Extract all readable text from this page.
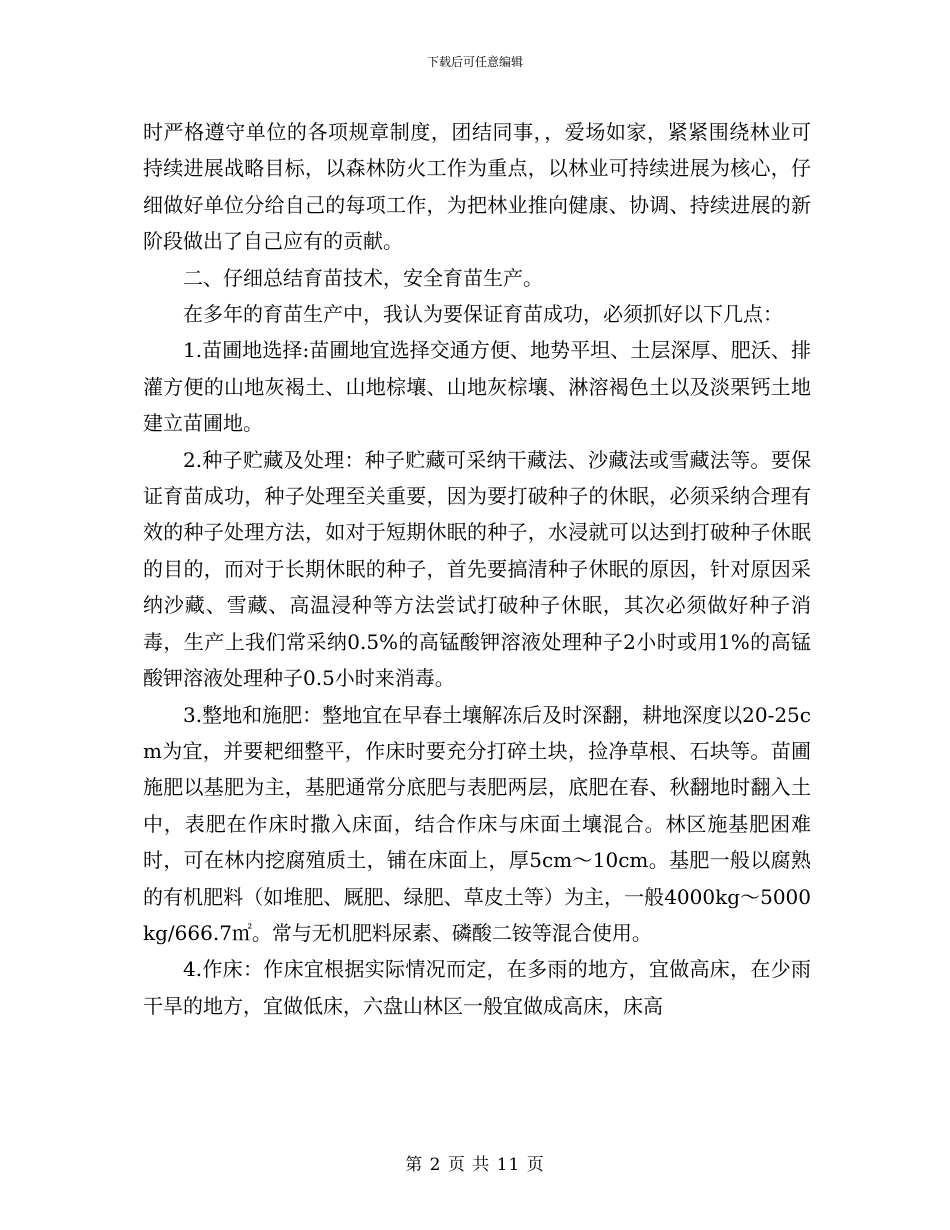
下载后可任意编辑

时严格遵守单位的各项规章制度，团结同事，，爱场如家，紧紧围绕林业可持续进展战略目标，以森林防火工作为重点，以林业可持续进展为核心，仔细做好单位分给自己的每项工作，为把林业推向健康、协调、持续进展的新阶段做出了自己应有的贡献。

二、仔细总结育苗技术，安全育苗生产。

在多年的育苗生产中，我认为要保证育苗成功，必须抓好以下几点：

1.苗圃地选择:苗圃地宜选择交通方便、地势平坦、土层深厚、肥沃、排灌方便的山地灰褐土、山地棕壤、山地灰棕壤、淋溶褐色土以及淡栗钙土地建立苗圃地。

2.种子贮藏及处理：种子贮藏可采纳干藏法、沙藏法或雪藏法等。要保证育苗成功，种子处理至关重要，因为要打破种子的休眠，必须采纳合理有效的种子处理方法，如对于短期休眠的种子，水浸就可以达到打破种子休眠的目的，而对于长期休眠的种子，首先要搞清种子休眠的原因，针对原因采纳沙藏、雪藏、高温浸种等方法尝试打破种子休眠，其次必须做好种子消毒，生产上我们常采纳0.5%的高锰酸钾溶液处理种子2小时或用1%的高锰酸钾溶液处理种子0.5小时来消毒。

3.整地和施肥：整地宜在早春土壤解冻后及时深翻，耕地深度以20-25cm为宜，并要耙细整平，作床时要充分打碎土块，捡净草根、石块等。苗圃施肥以基肥为主，基肥通常分底肥与表肥两层，底肥在春、秋翻地时翻入土中，表肥在作床时撒入床面，结合作床与床面土壤混合。林区施基肥困难时，可在林内挖腐殖质土，铺在床面上，厚5cm～10cm。基肥一般以腐熟的有机肥料（如堆肥、厩肥、绿肥、草皮土等）为主，一般4000kg～5000kg/666.7㎡。常与无机肥料尿素、磷酸二铵等混合使用。

4.作床：作床宜根据实际情况而定，在多雨的地方，宜做高床，在少雨干旱的地方，宜做低床，六盘山林区一般宜做成高床，床高

第 2 页 共 11 页
